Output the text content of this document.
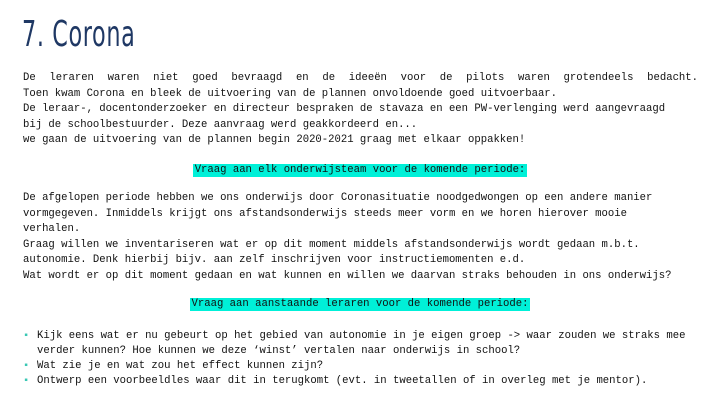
7. Corona
De leraren waren niet goed bevraagd en de ideeën voor de pilots waren grotendeels bedacht.
Toen kwam Corona en bleek de uitvoering van de plannen onvoldoende goed uitvoerbaar.
De leraar-, docentonderzoeker en directeur bespraken de stavaza en een PW-verlenging werd aangevraagd
bij de schoolbestuurder. Deze aanvraag werd geakkordeerd en...
we gaan de uitvoering van de plannen begin 2020-2021 graag met elkaar oppakken!
Vraag aan elk onderwijsteam voor de komende periode:
De afgelopen periode hebben we ons onderwijs door Coronasituatie noodgedwongen op een andere manier
vormgegeven. Inmiddels krijgt ons afstandsonderwijs steeds meer vorm en we horen hierover mooie
verhalen.
Graag willen we inventariseren wat er op dit moment middels afstandsonderwijs wordt gedaan m.b.t.
autonomie. Denk hierbij bijv. aan zelf inschrijven voor instructiemomenten e.d.
Wat wordt er op dit moment gedaan en wat kunnen en willen we daarvan straks behouden in ons onderwijs?
Vraag aan aanstaande leraren voor de komende periode:
▪ Kijk eens wat er nu gebeurt op het gebied van autonomie in je eigen groep -> waar zouden we straks mee verder kunnen? Hoe kunnen we deze ‘winst’ vertalen naar onderwijs in school?
▪ Wat zie je en wat zou het effect kunnen zijn?
▪ Ontwerp een voorbeeldles waar dit in terugkomt (evt. in tweetallen of in overleg met je mentor).
